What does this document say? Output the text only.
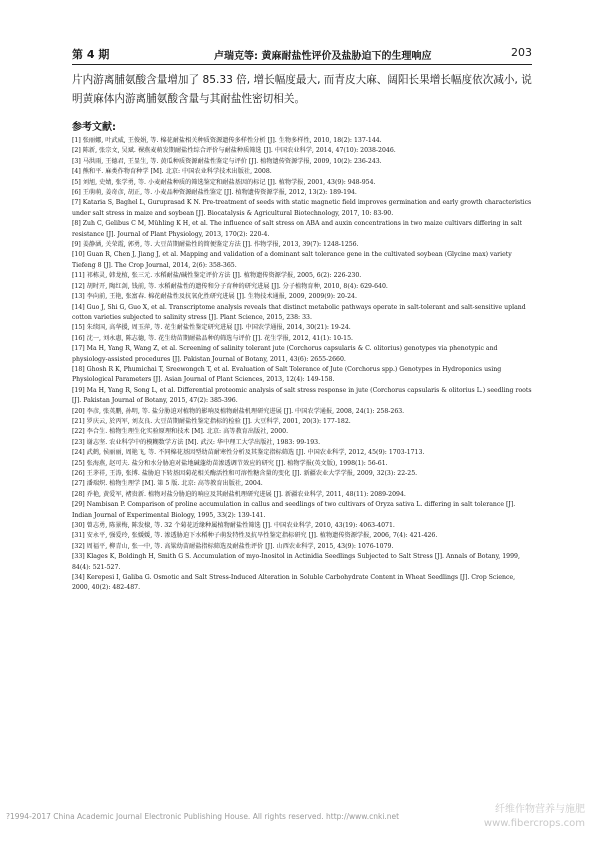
第 4 期	卢瑞克等: 黄麻耐盐性评价及盐胁迫下的生理响应	203

片内游离脯氨酸含量增加了 85.33 倍, 增长幅度最大, 而青皮大麻、阔阳长果增长幅度依次减小, 说明黄麻体内游离脯氨酸含量与其耐盐性密切相关。

参考文献:
[1] 张丽娜, 叶武威, 王俊娟, 等. 棉花耐盐相关种质资源遗传多样性分析 [J]. 生物多样性, 2010, 18(2): 137-144.
[2] 陈新, 张宗文, 吴斌. 裸燕麦萌发期耐盐性综合评价与耐盐种质筛选 [J]. 中国农业科学, 2014, 47(10): 2038-2046.
[3] 马洪雨, 王德君, 王显生, 等. 黄瓜种质资源耐盐性鉴定与评价 [J]. 植物遗传资源学报, 2009, 10(2): 236-243.
[4] 熊和平. 麻类作物育种学 [M]. 北京: 中国农业科学技术出版社, 2008.
[5] 刘旭, 史婧, 张学勇, 等. 小麦耐盐种质的筛选鉴定和耐盐基因的标记 [J]. 植物学报, 2001, 43(9): 948-954.
[6] 王萌萌, 姜奇彦, 胡正, 等. 小麦品种资源耐盐性鉴定 [J]. 植物遗传资源学报, 2012, 13(2): 189-194.
[7] Kataria S, Baghel L, Guruprasad K N. Pre-treatment of seeds with static magnetic field improves germination and early growth characteristics under salt stress in maize and soybean [J]. Biocatalysis & Agricultural Biotechnology, 2017, 10: 83-90.
[8] Zuh C, Gelibus C M, Mühling K H, et al. The influence of salt stress on ABA and auxin concentrations in two maize cultivars differing in salt resistance [J]. Journal of Plant Physiology, 2013, 170(2): 220-4.
[9] 姜静涵, 关荣霞, 郭勇, 等. 大豆苗期耐盐性的简便鉴定方法 [J]. 作物学报, 2013, 39(7): 1248-1256.
[10] Guan R, Chen J, Jiang J, et al. Mapping and validation of a dominant salt tolerance gene in the cultivated soybean (Glycine max) variety Tiefeng 8 [J]. The Crop Journal, 2014, 2(6): 358-365.
[11] 祁栋灵, 韩龙植, 张三元. 水稻耐盐/碱性鉴定评价方法 [J]. 植物遗传资源学报, 2005, 6(2): 226-230.
[12] 胡时开, 陶红剑, 钱前, 等. 水稻耐盐性的遗传和分子育种的研究进展 [J]. 分子植物育种, 2010, 8(4): 629-640.
[13] 李向前, 王艳, 张富春. 棉花耐盐性及抗氧化性研究进展 [J]. 生物技术通报, 2009, 2009(9): 20-24.
[14] Guo J, Shi G, Guo X, et al. Transcriptome analysis reveals that distinct metabolic pathways operate in salt-tolerant and salt-sensitive upland cotton varieties subjected to salinity stress [J]. Plant Science, 2015, 238: 33.
[15] 朱续国, 高华援, 周玉萍, 等. 花生耐盐性鉴定研究进展 [J]. 中国农学通报, 2014, 30(21): 19-24.
[16] 沈一, 刘永惠, 陈志德, 等. 花生幼苗期耐盐品种的筛选与评价 [J]. 花生学报, 2012, 41(1): 10-15.
[17] Ma H, Yang R, Wang Z, et al. Screening of salinity tolerant jute (Corchorus capsularis & C. olitorius) genotypes via phenotypic and physiology-assisted procedures [J]. Pakistan Journal of Botany, 2011, 43(6): 2655-2660.
[18] Ghosh R K, Phumichai T, Sreewongch T, et al. Evaluation of Salt Tolerance of Jute (Corchorus spp.) Genotypes in Hydroponics using Physiological Parameters [J]. Asian Journal of Plant Sciences, 2013, 12(4): 149-158.
[19] Ma H, Yang R, Song L, et al. Differential proteomic analysis of salt stress response in jute (Corchorus capsularis & olitorius L.) seedling roots [J]. Pakistan Journal of Botany, 2015, 47(2): 385-396.
[20] 李彦, 张英鹏, 孙明, 等. 盐分胁迫对植物的影响及植物耐盐机理研究进展 [J]. 中国农学通报, 2008, 24(1): 258-263.
[21] 罗庆云, 於丙军, 刘友良. 大豆苗期耐盐性鉴定指标的检验 [J]. 大豆科学, 2001, 20(3): 177-182.
[22] 李合生. 植物生理生化实验原理和技术 [M]. 北京: 高等教育出版社, 2000.
[23] 谢志坚. 农业科学中的模糊数学方法 [M]. 武汉: 华中理工大学出版社, 1983: 99-193.
[24] 武鹤, 侯丽丽, 周艳飞, 等. 不同棉花基因型幼苗耐寒性分析及其鉴定指标筛选 [J]. 中国农业科学, 2012, 45(9): 1703-1713.
[25] 张海燕, 赵可夫. 盐分和水分胁迫对盐地碱蓬幼苗渗透调节效应的研究 [J]. 植物学报(英文版), 1998(1): 56-61.
[26] 王茅祥, 王涛, 张博. 盐胁迫下转基因菊花相关酶活性和可溶性糖含量的变化 [J]. 新疆农业大学学报, 2009, 32(3): 22-25.
[27] 潘瑞炽. 植物生理学 [M]. 第 5 版. 北京: 高等教育出版社, 2004.
[28] 乔艳, 黄爱军, 褚贵新. 植物对盐分胁迫的响应及其耐盐机理研究进展 [J]. 新疆农业科学, 2011, 48(11): 2089-2094.
[29] Nambisan P. Comparison of proline accumulation in callus and seedlings of two cultivars of Oryza sativa L. differing in salt tolerance [J]. Indian Journal of Experimental Biology, 1995, 33(2): 139-141.
[30] 曾志勇, 陈景梅, 陈发棣, 等. 32 个菊花近缘种属植物耐盐性筛选 [J]. 中国农业科学, 2010, 43(19): 4063-4071.
[31] 安永平, 强爱玲, 张媛媛, 等. 渗透胁迫下水稻种子萌发特性及抗旱性鉴定指标研究 [J]. 植物遗传资源学报, 2006, 7(4): 421-426.
[32] 周福平, 柳青山, 张一中, 等. 高粱幼苗耐盐指标筛选及耐盐性评价 [J]. 山西农业科学, 2015, 43(9): 1076-1079.
[33] Klages K, Boldingh H, Smith G S. Accumulation of myo-Inositol in Actinidia Seedlings Subjected to Salt Stress [J]. Annals of Botany, 1999, 84(4): 521-527.
[34] Kerepesi I, Galiba G. Osmotic and Salt Stress-Induced Alteration in Soluble Carbohydrate Content in Wheat Seedlings [J]. Crop Science, 2000, 40(2): 482-487.
?1994-2017 China Academic Journal Electronic Publishing House. All rights reserved. http://www.cnki.net
纤维作物营养与施肥
www.fibercrops.com
